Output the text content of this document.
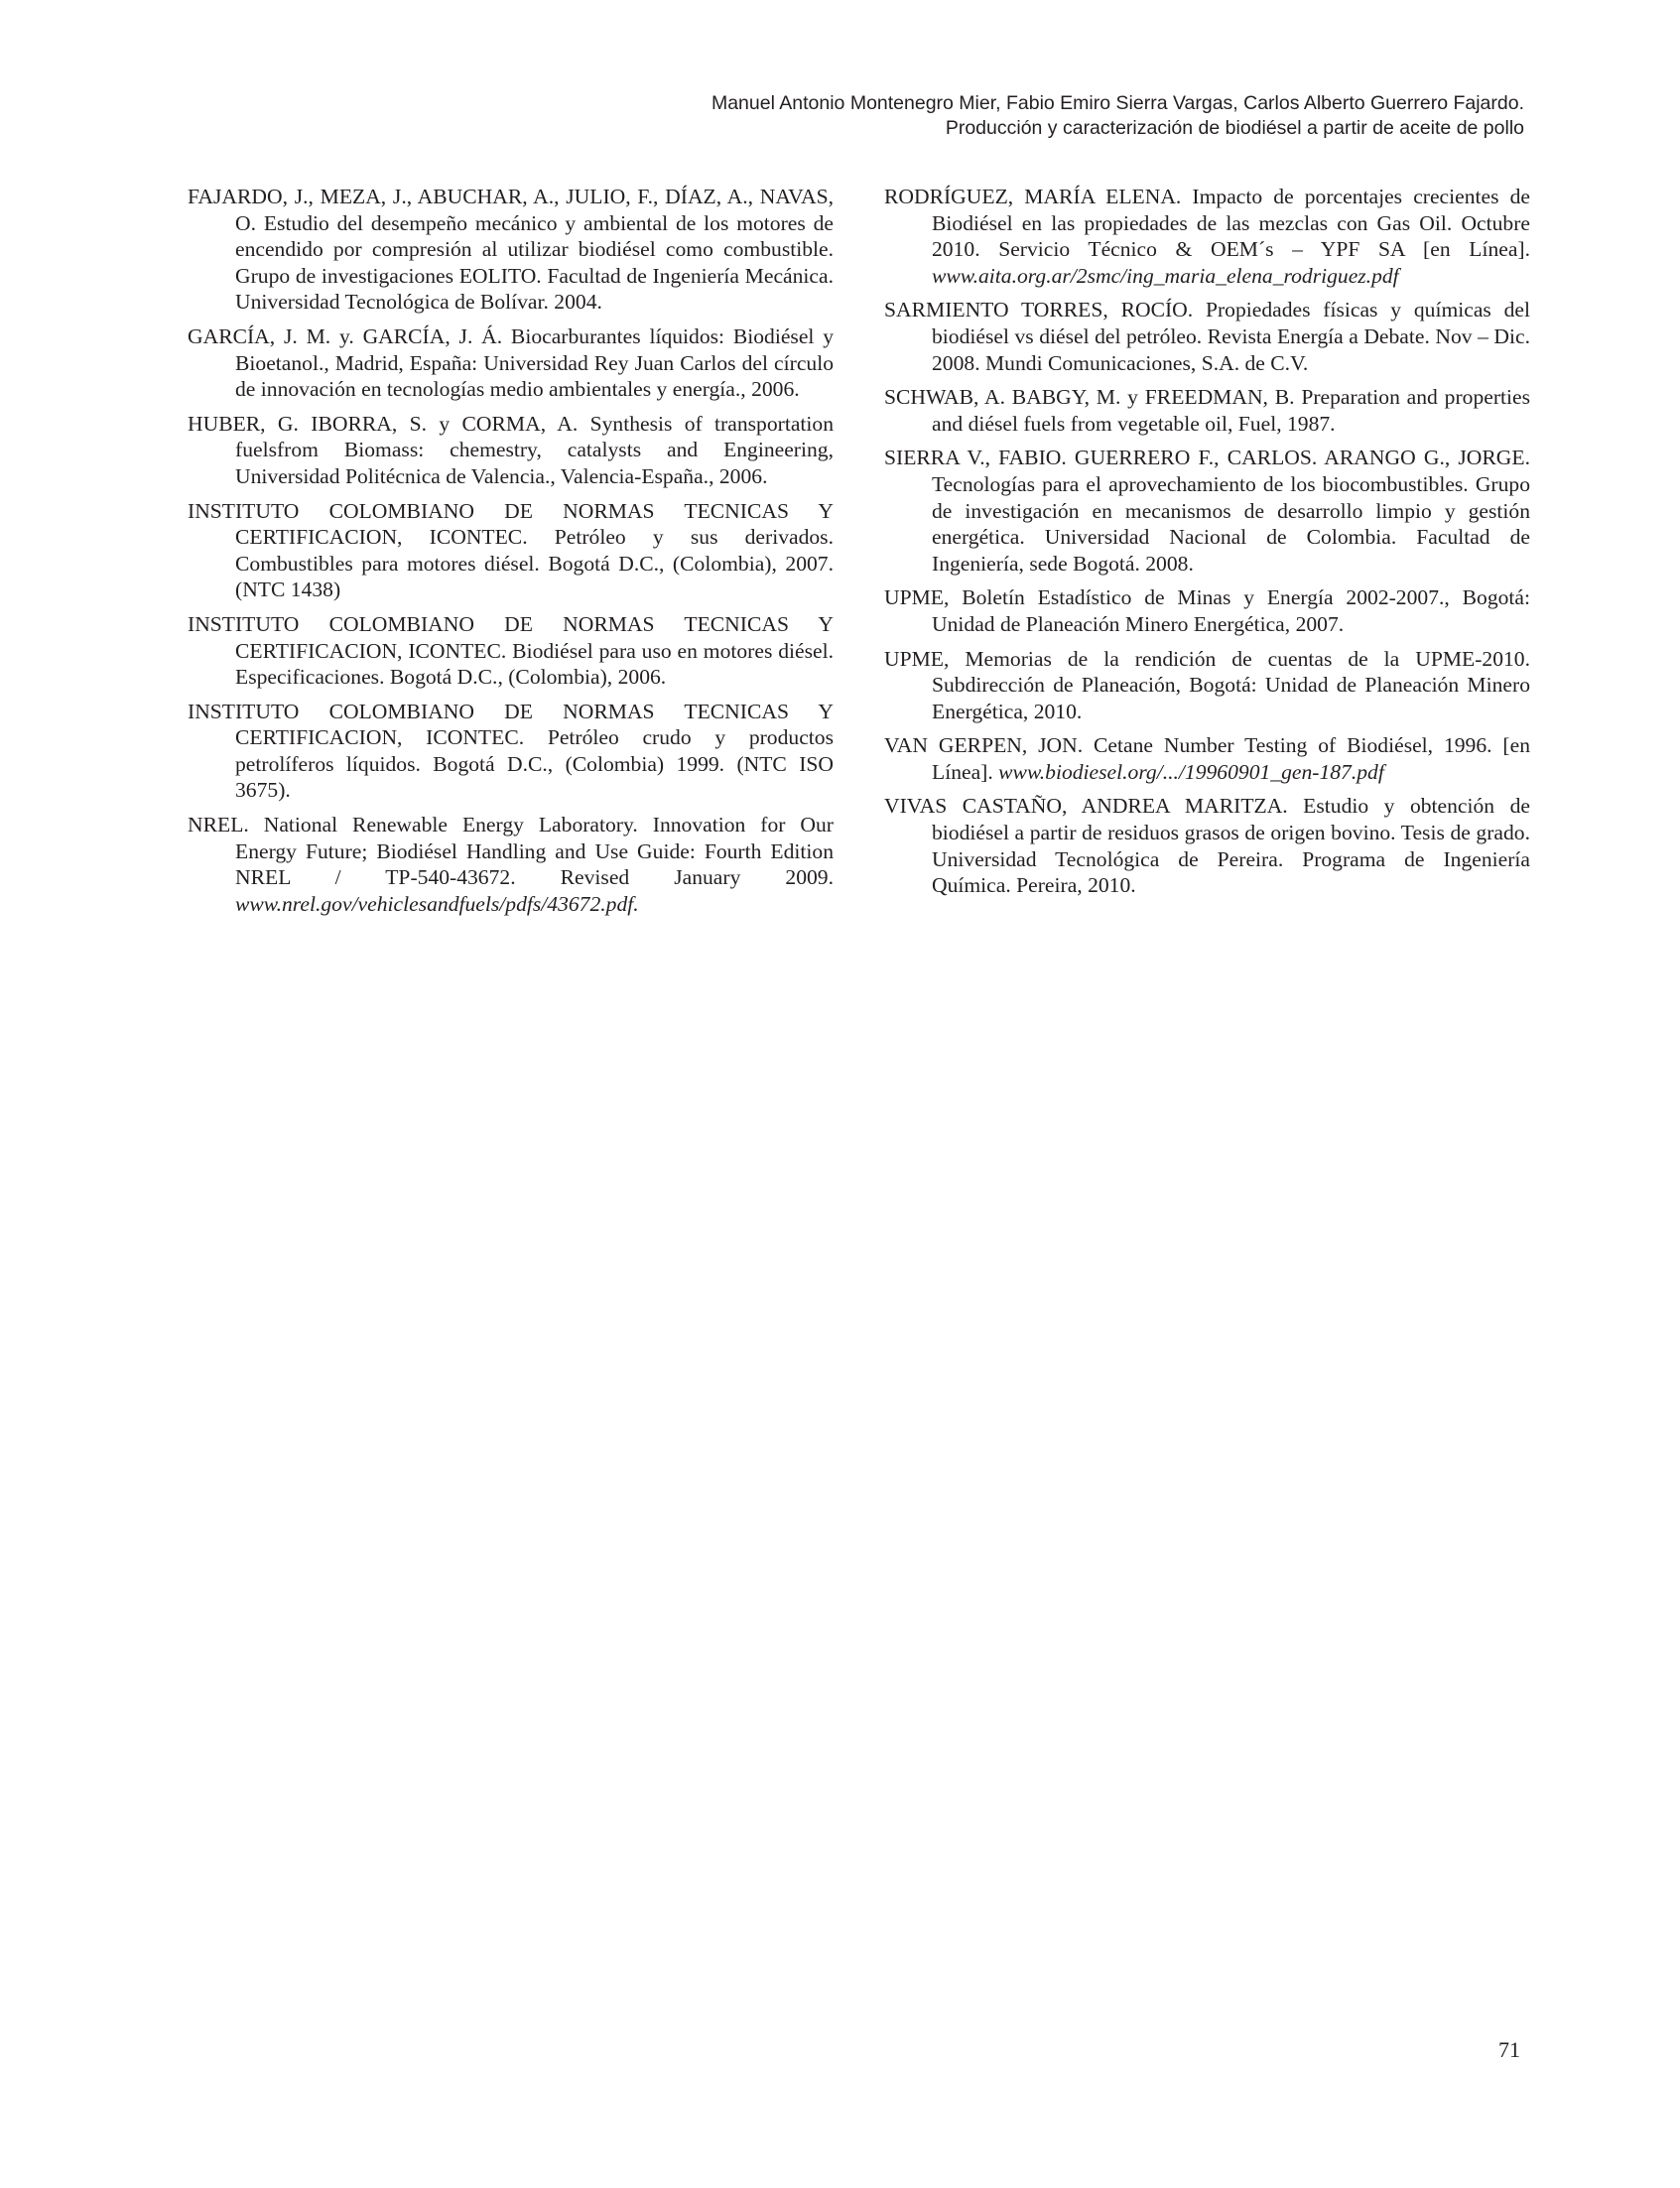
Manuel Antonio Montenegro Mier, Fabio Emiro Sierra Vargas, Carlos Alberto Guerrero Fajardo.
Producción y caracterización de biodiésel a partir de aceite de pollo

FAJARDO, J., MEZA, J., ABUCHAR, A., JULIO, F., DÍAZ, A., NAVAS, O. Estudio del desempeño mecánico y ambiental de los motores de encendido por compresión al utilizar biodiésel como combustible. Grupo de investigaciones EOLITO. Facultad de Ingeniería Mecánica. Universidad Tecnológica de Bolívar. 2004.

GARCÍA, J. M. y. GARCÍA, J. Á. Biocarburantes líquidos: Biodiésel y Bioetanol., Madrid, España: Universidad Rey Juan Carlos del círculo de innovación en tecnologías medio ambientales y energía., 2006.

HUBER, G. IBORRA, S. y CORMA, A. Synthesis of transportation fuelsfrom Biomass: chemestry, catalysts and Engineering, Universidad Politécnica de Valencia., Valencia-España., 2006.

INSTITUTO COLOMBIANO DE NORMAS TECNICAS Y CERTIFICACION, ICONTEC. Petróleo y sus derivados. Combustibles para motores diésel. Bogotá D.C., (Colombia), 2007. (NTC 1438)

INSTITUTO COLOMBIANO DE NORMAS TECNICAS Y CERTIFICACION, ICONTEC. Biodiésel para uso en motores diésel. Especificaciones. Bogotá D.C., (Colombia), 2006.

INSTITUTO COLOMBIANO DE NORMAS TECNICAS Y CERTIFICACION, ICONTEC. Petróleo crudo y productos petrolíferos líquidos. Bogotá D.C., (Colombia) 1999. (NTC ISO 3675).

NREL. National Renewable Energy Laboratory. Innovation for Our Energy Future; Biodiésel Handling and Use Guide: Fourth Edition NREL / TP-540-43672. Revised January 2009. www.nrel.gov/vehiclesandfuels/pdfs/43672.pdf.

RODRÍGUEZ, MARÍA ELENA. Impacto de porcentajes crecientes de Biodiésel en las propiedades de las mezclas con Gas Oil. Octubre 2010. Servicio Técnico & OEM´s – YPF SA [en Línea]. www.aita.org.ar/2smc/ing_maria_elena_rodriguez.pdf

SARMIENTO TORRES, ROCÍO. Propiedades físicas y químicas del biodiésel vs diésel del petróleo. Revista Energía a Debate. Nov – Dic. 2008. Mundi Comunicaciones, S.A. de C.V.

SCHWAB, A. BABGY, M. y FREEDMAN, B. Preparation and properties and diésel fuels from vegetable oil, Fuel, 1987.

SIERRA V., FABIO. GUERRERO F., CARLOS. ARANGO G., JORGE. Tecnologías para el aprovechamiento de los biocombustibles. Grupo de investigación en mecanismos de desarrollo limpio y gestión energética. Universidad Nacional de Colombia. Facultad de Ingeniería, sede Bogotá. 2008.

UPME, Boletín Estadístico de Minas y Energía 2002-2007., Bogotá: Unidad de Planeación Minero Energética, 2007.

UPME, Memorias de la rendición de cuentas de la UPME-2010. Subdirección de Planeación, Bogotá: Unidad de Planeación Minero Energética, 2010.

VAN GERPEN, JON. Cetane Number Testing of Biodiésel, 1996. [en Línea]. www.biodiesel.org/.../19960901_gen-187.pdf

VIVAS CASTAÑO, ANDREA MARITZA. Estudio y obtención de biodiésel a partir de residuos grasos de origen bovino. Tesis de grado. Universidad Tecnológica de Pereira. Programa de Ingeniería Química. Pereira, 2010.

71
